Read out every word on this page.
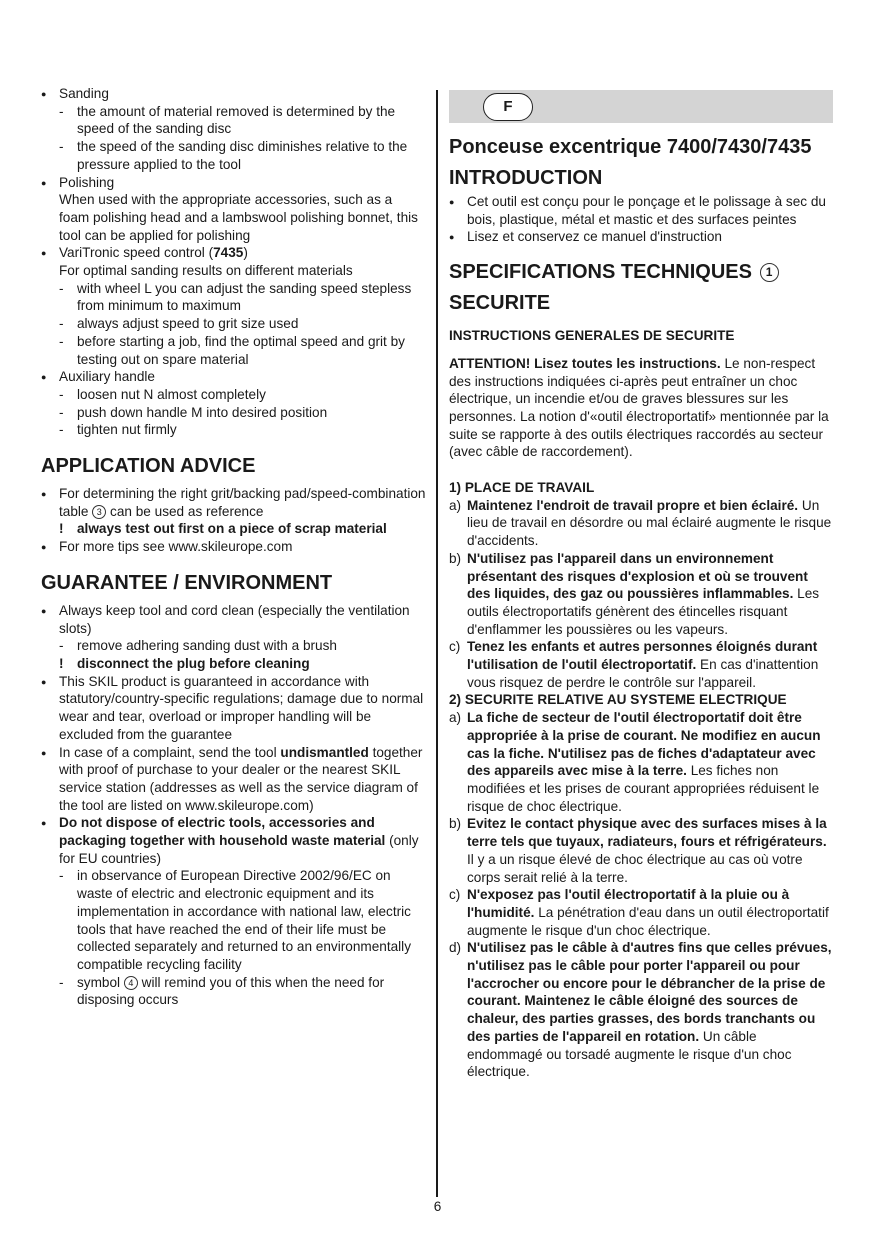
● Sanding
- the amount of material removed is determined by the speed of the sanding disc
- the speed of the sanding disc diminishes relative to the pressure applied to the tool
● Polishing
When used with the appropriate accessories, such as a foam polishing head and a lambswool polishing bonnet, this tool can be applied for polishing
● VariTronic speed control (7435)
For optimal sanding results on different materials
- with wheel L you can adjust the sanding speed stepless from minimum to maximum
- always adjust speed to grit size used
- before starting a job, find the optimal speed and grit by testing out on spare material
● Auxiliary handle
- loosen nut N almost completely
- push down handle M into desired position
- tighten nut firmly
APPLICATION ADVICE
● For determining the right grit/backing pad/speed-combination table 3 can be used as reference
! always test out first on a piece of scrap material
● For more tips see www.skileurope.com
GUARANTEE / ENVIRONMENT
● Always keep tool and cord clean (especially the ventilation slots)
- remove adhering sanding dust with a brush
! disconnect the plug before cleaning
● This SKIL product is guaranteed in accordance with statutory/country-specific regulations; damage due to normal wear and tear, overload or improper handling will be excluded from the guarantee
● In case of a complaint, send the tool undismantled together with proof of purchase to your dealer or the nearest SKIL service station (addresses as well as the service diagram of the tool are listed on www.skileurope.com)
● Do not dispose of electric tools, accessories and packaging together with household waste material (only for EU countries)
- in observance of European Directive 2002/96/EC on waste of electric and electronic equipment and its implementation in accordance with national law, electric tools that have reached the end of their life must be collected separately and returned to an environmentally compatible recycling facility
- symbol 4 will remind you of this when the need for disposing occurs
F
Ponceuse excentrique 7400/7430/7435
INTRODUCTION
● Cet outil est conçu pour le ponçage et le polissage à sec du bois, plastique, métal et mastic et des surfaces peintes
● Lisez et conservez ce manuel d'instruction
SPECIFICATIONS TECHNIQUES 1
SECURITE
INSTRUCTIONS GENERALES DE SECURITE
ATTENTION! Lisez toutes les instructions. Le non-respect des instructions indiquées ci-après peut entraîner un choc électrique, un incendie et/ou de graves blessures sur les personnes. La notion d'«outil électroportatif» mentionnée par la suite se rapporte à des outils électriques raccordés au secteur (avec câble de raccordement).
1) PLACE DE TRAVAIL
a) Maintenez l'endroit de travail propre et bien éclairé. Un lieu de travail en désordre ou mal éclairé augmente le risque d'accidents.
b) N'utilisez pas l'appareil dans un environnement présentant des risques d'explosion et où se trouvent des liquides, des gaz ou poussières inflammables. Les outils électroportatifs génèrent des étincelles risquant d'enflammer les poussières ou les vapeurs.
c) Tenez les enfants et autres personnes éloignés durant l'utilisation de l'outil électroportatif. En cas d'inattention vous risquez de perdre le contrôle sur l'appareil.
2) SECURITE RELATIVE AU SYSTEME ELECTRIQUE
a) La fiche de secteur de l'outil électroportatif doit être appropriée à la prise de courant. Ne modifiez en aucun cas la fiche. N'utilisez pas de fiches d'adaptateur avec des appareils avec mise à la terre. Les fiches non modifiées et les prises de courant appropriées réduisent le risque de choc électrique.
b) Evitez le contact physique avec des surfaces mises à la terre tels que tuyaux, radiateurs, fours et réfrigérateurs. Il y a un risque élevé de choc électrique au cas où votre corps serait relié à la terre.
c) N'exposez pas l'outil électroportatif à la pluie ou à l'humidité. La pénétration d'eau dans un outil électroportatif augmente le risque d'un choc électrique.
d) N'utilisez pas le câble à d'autres fins que celles prévues, n'utilisez pas le câble pour porter l'appareil ou pour l'accrocher ou encore pour le débrancher de la prise de courant. Maintenez le câble éloigné des sources de chaleur, des parties grasses, des bords tranchants ou des parties de l'appareil en rotation. Un câble endommagé ou torsadé augmente le risque d'un choc électrique.
6
